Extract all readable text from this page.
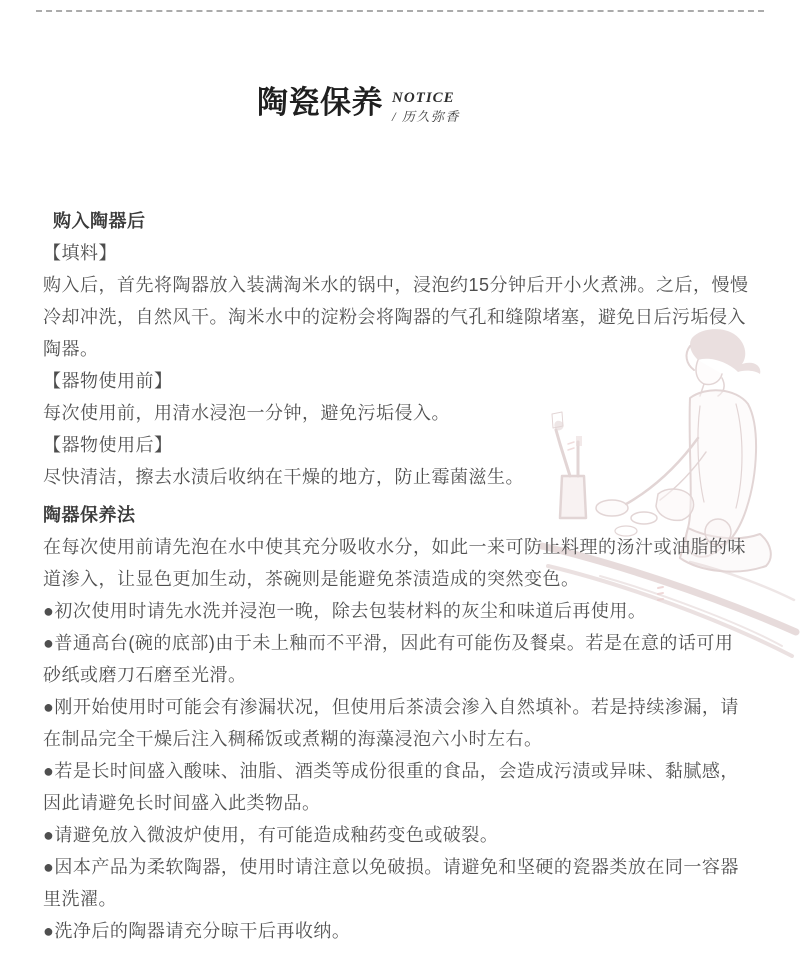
陶瓷保养 NOTICE
/ 历久弥香
购入陶器后

【填料】

购入后，首先将陶器放入装满淘米水的锅中，浸泡约15分钟后开小火煮沸。之后，慢慢冷却冲洗，自然风干。淘米水中的淀粉会将陶器的气孔和缝隙堵塞，避免日后污垢侵入陶器。

【器物使用前】

每次使用前，用清水浸泡一分钟，避免污垢侵入。

【器物使用后】

尽快清洁，擦去水渍后收纳在干燥的地方，防止霉菌滋生。

陶器保养法

在每次使用前请先泡在水中使其充分吸收水分，如此一来可防止料理的汤汁或油脂的味道渗入，让显色更加生动，茶碗则是能避免茶渍造成的突然变色。

●初次使用时请先水洗并浸泡一晚，除去包装材料的灰尘和味道后再使用。

●普通高台(碗的底部)由于未上釉而不平滑，因此有可能伤及餐桌。若是在意的话可用砂纸或磨刀石磨至光滑。

●刚开始使用时可能会有渗漏状况，但使用后茶渍会渗入自然填补。若是持续渗漏，请在制品完全干燥后注入稠稀饭或煮糊的海藻浸泡六小时左右。

●若是长时间盛入酸味、油脂、酒类等成份很重的食品，会造成污渍或异味、黏腻感，因此请避免长时间盛入此类物品。

●请避免放入微波炉使用，有可能造成釉药变色或破裂。

●因本产品为柔软陶器，使用时请注意以免破损。请避免和坚硬的瓷器类放在同一容器里洗濯。

●洗净后的陶器请充分晾干后再收纳。
